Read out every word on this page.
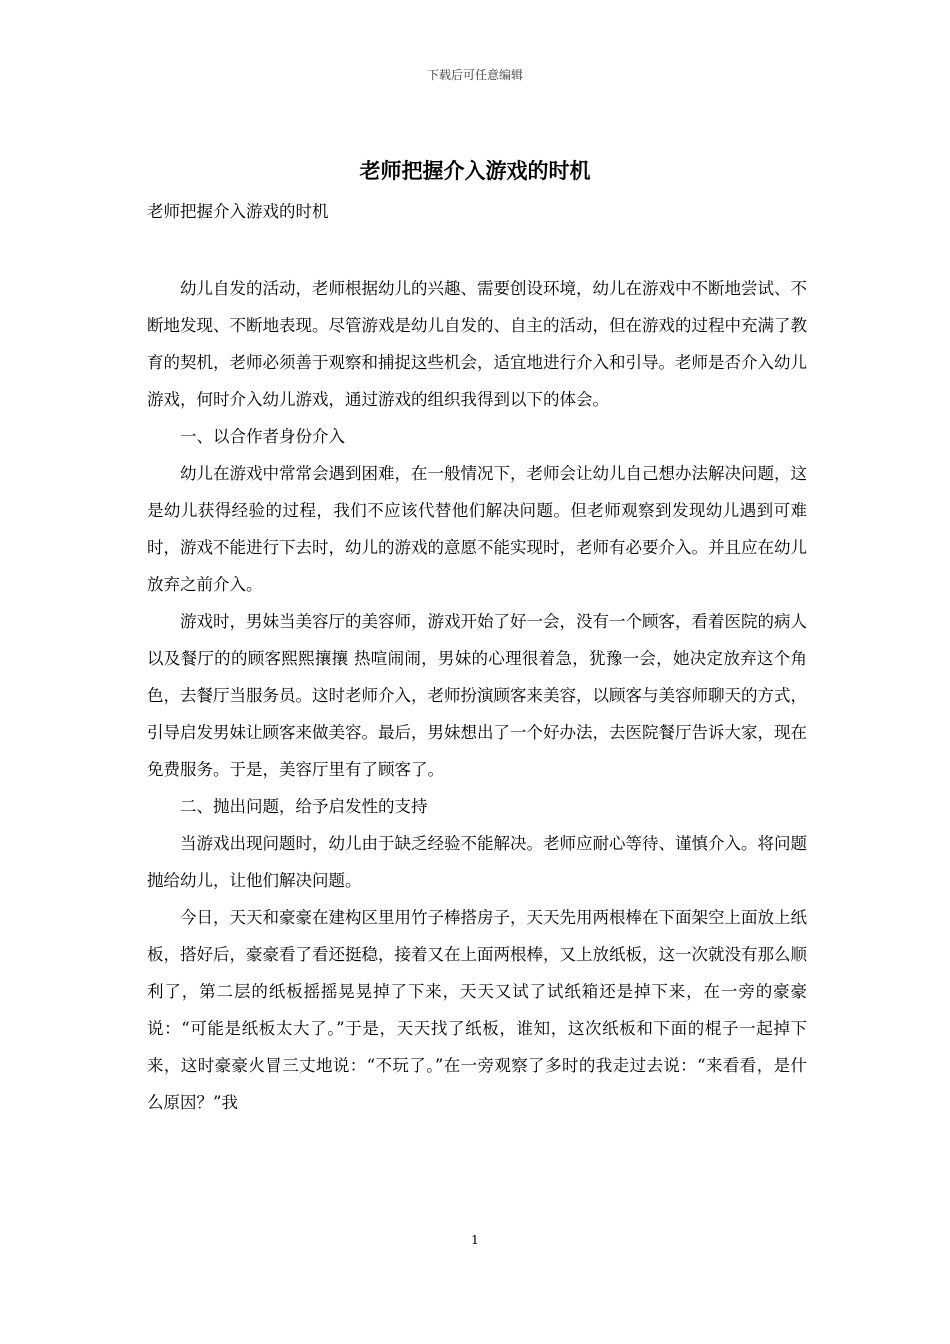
下载后可任意编辑
老师把握介入游戏的时机
老师把握介入游戏的时机

幼儿自发的活动，老师根据幼儿的兴趣、需要创设环境，幼儿在游戏中不断地尝试、不断地发现、不断地表现。尽管游戏是幼儿自发的、自主的活动，但在游戏的过程中充满了教育的契机，老师必须善于观察和捕捉这些机会，适宜地进行介入和引导。老师是否介入幼儿游戏，何时介入幼儿游戏，通过游戏的组织我得到以下的体会。

一、以合作者身份介入

幼儿在游戏中常常会遇到困难，在一般情况下，老师会让幼儿自己想办法解决问题，这是幼儿获得经验的过程，我们不应该代替他们解决问题。但老师观察到发现幼儿遇到可难时，游戏不能进行下去时，幼儿的游戏的意愿不能实现时，老师有必要介入。并且应在幼儿放弃之前介入。

游戏时，男妹当美容厅的美容师，游戏开始了好一会，没有一个顾客，看着医院的病人以及餐厅的的顾客熙熙攘攘 热喧闹闹，男妹的心理很着急，犹豫一会，她决定放弃这个角色，去餐厅当服务员。这时老师介入，老师扮演顾客来美容，以顾客与美容师聊天的方式，引导启发男妹让顾客来做美容。最后，男妹想出了一个好办法，去医院餐厅告诉大家，现在免费服务。于是，美容厅里有了顾客了。

二、抛出问题，给予启发性的支持

当游戏出现问题时，幼儿由于缺乏经验不能解决。老师应耐心等待、谨慎介入。将问题抛给幼儿，让他们解决问题。

今日，天天和豪豪在建构区里用竹子棒搭房子，天天先用两根棒在下面架空上面放上纸板，搭好后，豪豪看了看还挺稳，接着又在上面两根棒，又上放纸板，这一次就没有那么顺利了，第二层的纸板摇摇晃晃掉了下来，天天又试了试纸箱还是掉下来，在一旁的豪豪说：“可能是纸板太大了。”于是，天天找了纸板，谁知，这次纸板和下面的棍子一起掉下来，这时豪豪火冒三丈地说：“不玩了。”在一旁观察了多时的我走过去说：“来看看，是什么原因？”我

1
